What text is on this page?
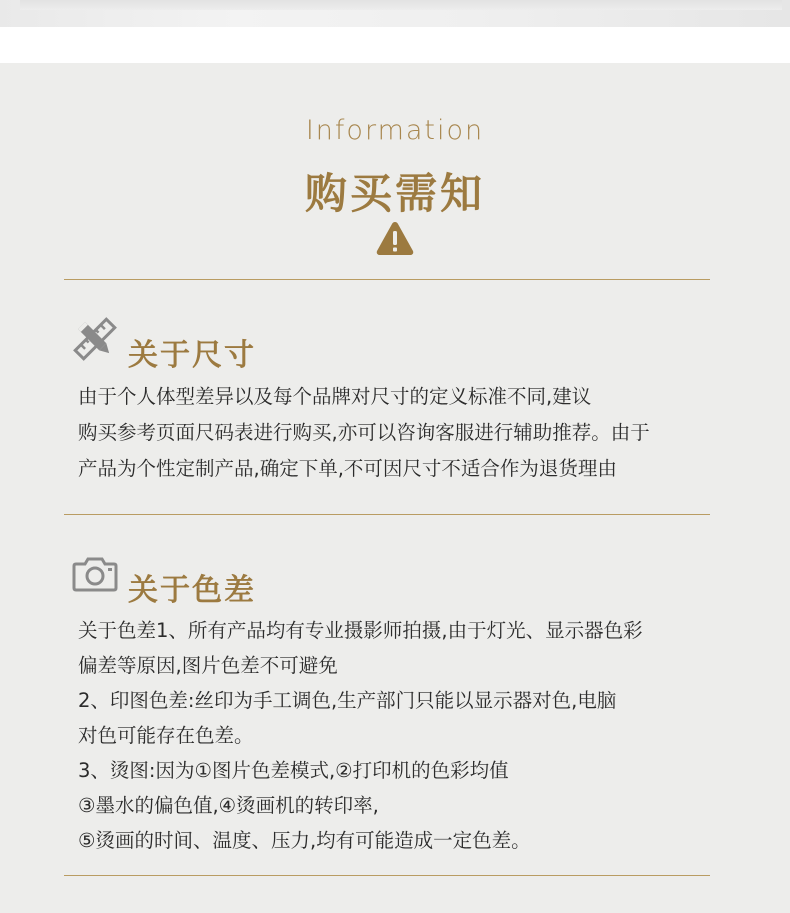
Information
购买需知
关于尺寸
由于个人体型差异以及每个品牌对尺寸的定义标准不同,建议
购买参考页面尺码表进行购买,亦可以咨询客服进行辅助推荐。由于
产品为个性定制产品,确定下单,不可因尺寸不适合作为退货理由
关于色差
关于色差1、所有产品均有专业摄影师拍摄,由于灯光、显示器色彩
偏差等原因,图片色差不可避免
2、印图色差:丝印为手工调色,生产部门只能以显示器对色,电脑
对色可能存在色差。
3、烫图:因为①图片色差模式,②打印机的色彩均值
③墨水的偏色值,④烫画机的转印率,
⑤烫画的时间、温度、压力,均有可能造成一定色差。
